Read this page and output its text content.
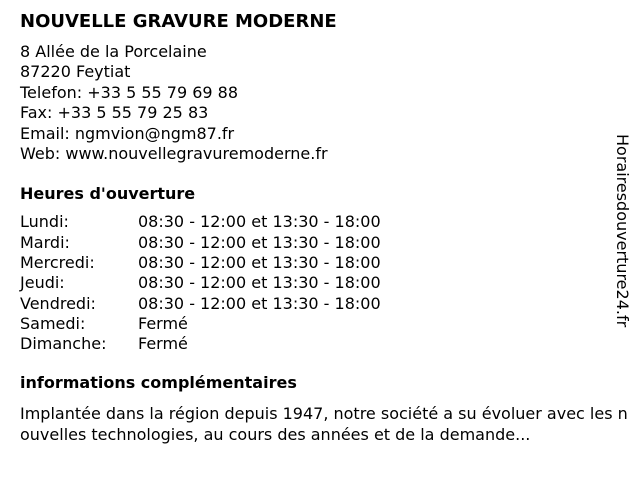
NOUVELLE GRAVURE MODERNE
8 Allée de la Porcelaine
87220 Feytiat
Telefon: +33 5 55 79 69 88
Fax: +33 5 55 79 25 83
Email: ngmvion@ngm87.fr
Web: www.nouvellegravuremoderne.fr
Heures d'ouverture
Lundi:	08:30 - 12:00 et 13:30 - 18:00
Mardi:	08:30 - 12:00 et 13:30 - 18:00
Mercredi:	08:30 - 12:00 et 13:30 - 18:00
Jeudi:	08:30 - 12:00 et 13:30 - 18:00
Vendredi:	08:30 - 12:00 et 13:30 - 18:00
Samedi:	Fermé
Dimanche:	Fermé
informations complémentaires

Implantée dans la région depuis 1947, notre société a su évoluer avec les nouvelles technologies, au cours des années et de la demande...

Horairesdouverture24.fr
